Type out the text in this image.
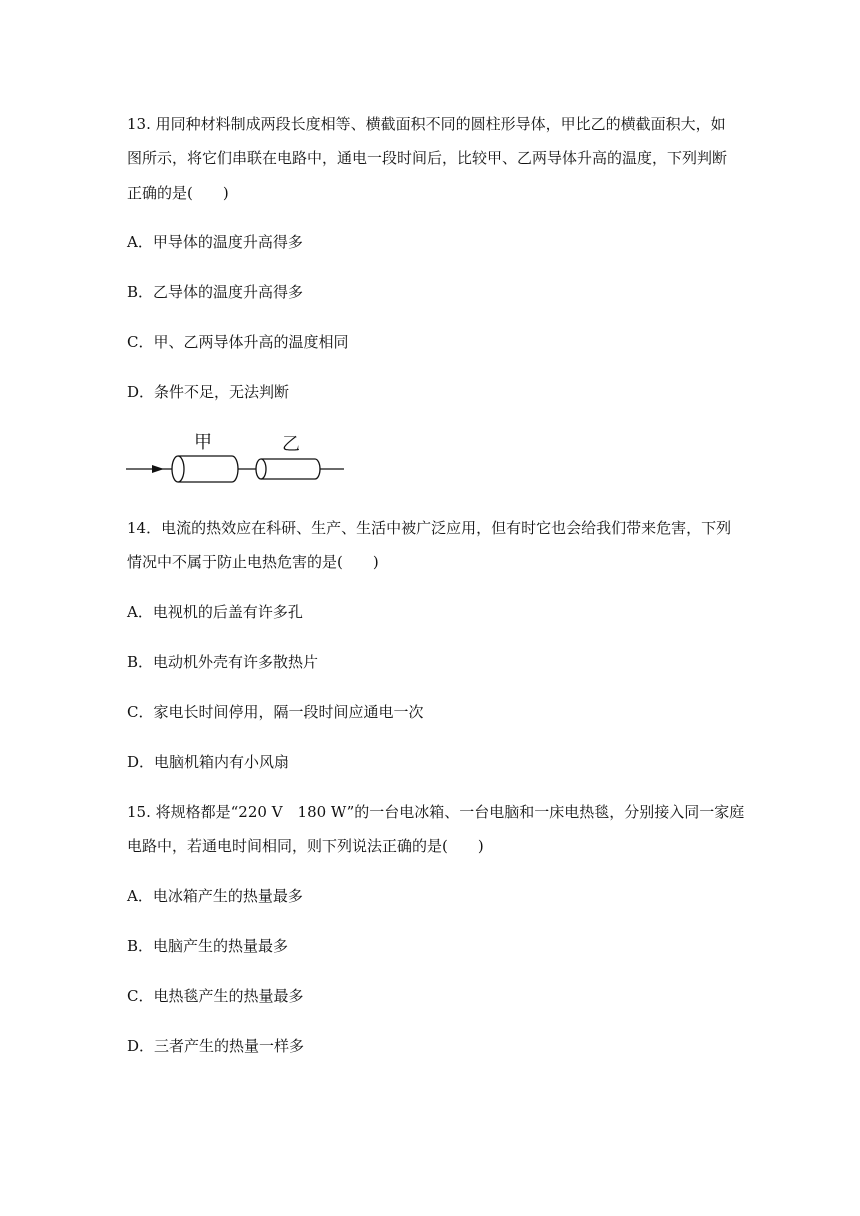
13. 用同种材料制成两段长度相等、横截面积不同的圆柱形导体，甲比乙的横截面积大，如
图所示，将它们串联在电路中，通电一段时间后，比较甲、乙两导体升高的温度，下列判断
正确的是(　　)
A．甲导体的温度升高得多
B．乙导体的温度升高得多
C．甲、乙两导体升高的温度相同
D．条件不足，无法判断
甲	乙
14．电流的热效应在科研、生产、生活中被广泛应用，但有时它也会给我们带来危害，下列
情况中不属于防止电热危害的是(　　)
A．电视机的后盖有许多孔
B．电动机外壳有许多散热片
C．家电长时间停用，隔一段时间应通电一次
D．电脑机箱内有小风扇
15. 将规格都是“220 V　180 W”的一台电冰箱、一台电脑和一床电热毯，分别接入同一家庭
电路中，若通电时间相同，则下列说法正确的是(　　)
A．电冰箱产生的热量最多
B．电脑产生的热量最多
C．电热毯产生的热量最多
D．三者产生的热量一样多
